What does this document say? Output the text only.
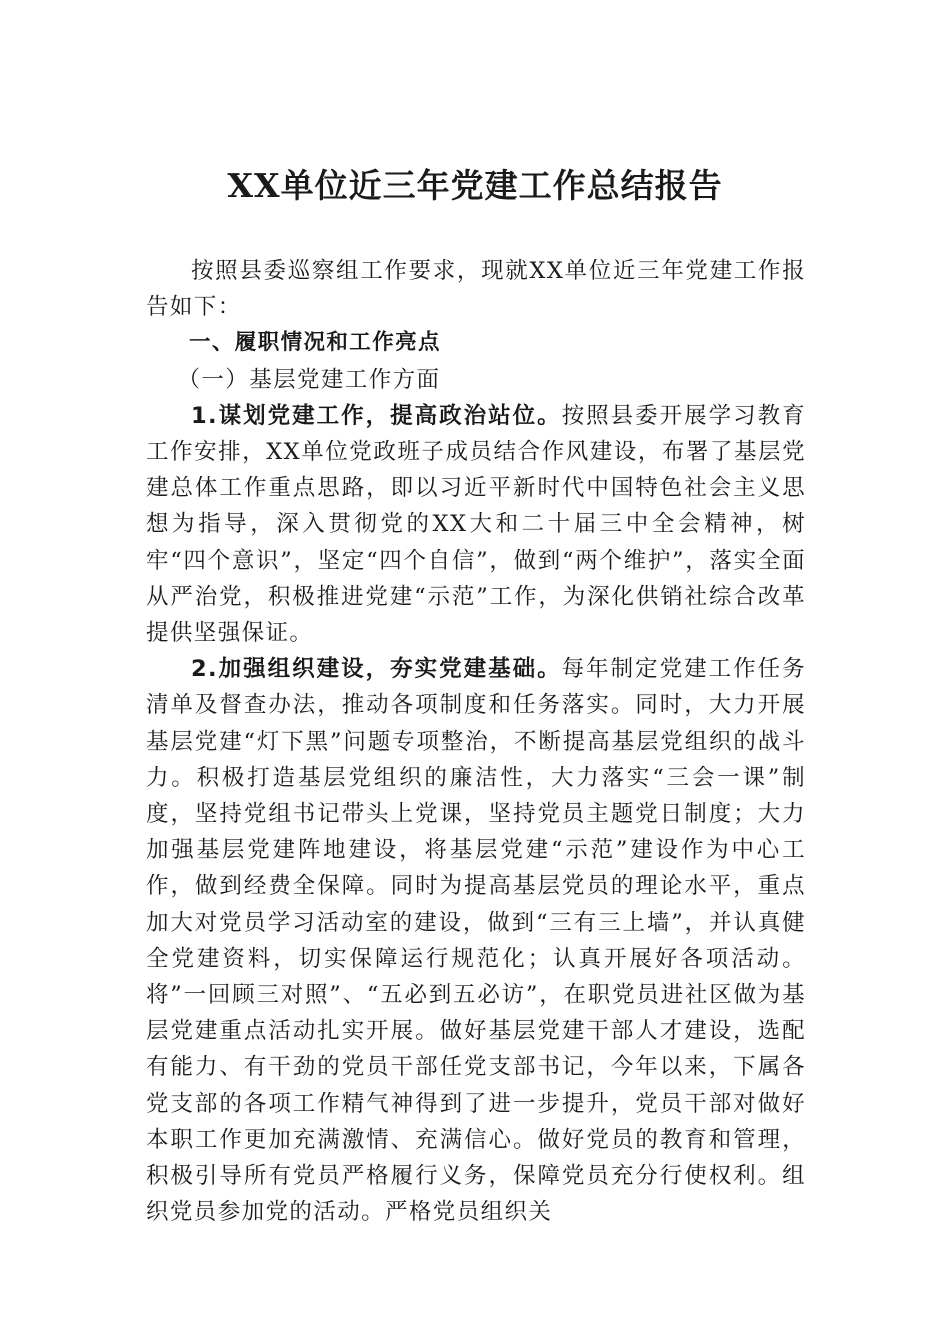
XX单位近三年党建工作总结报告

按照县委巡察组工作要求，现就XX单位近三年党建工作报告如下：

一、履职情况和工作亮点

（一）基层党建工作方面

1.谋划党建工作，提高政治站位。按照县委开展学习教育工作安排，XX单位党政班子成员结合作风建设，布署了基层党建总体工作重点思路，即以习近平新时代中国特色社会主义思想为指导，深入贯彻党的XX大和二十届三中全会精神，树牢“四个意识”，坚定“四个自信”，做到“两个维护”，落实全面从严治党，积极推进党建“示范”工作，为深化供销社综合改革提供坚强保证。

2.加强组织建设，夯实党建基础。每年制定党建工作任务清单及督查办法，推动各项制度和任务落实。同时，大力开展基层党建“灯下黑”问题专项整治，不断提高基层党组织的战斗力。积极打造基层党组织的廉洁性，大力落实“三会一课”制度，坚持党组书记带头上党课，坚持党员主题党日制度；大力加强基层党建阵地建设，将基层党建“示范”建设作为中心工作，做到经费全保障。同时为提高基层党员的理论水平，重点加大对党员学习活动室的建设，做到“三有三上墙”，并认真健全党建资料，切实保障运行规范化；认真开展好各项活动。将”一回顾三对照”、“五必到五必访”，在职党员进社区做为基层党建重点活动扎实开展。做好基层党建干部人才建设，选配有能力、有干劲的党员干部任党支部书记，今年以来，下属各党支部的各项工作精气神得到了进一步提升，党员干部对做好本职工作更加充满激情、充满信心。做好党员的教育和管理，积极引导所有党员严格履行义务，保障党员充分行使权利。组织党员参加党的活动。严格党员组织关
